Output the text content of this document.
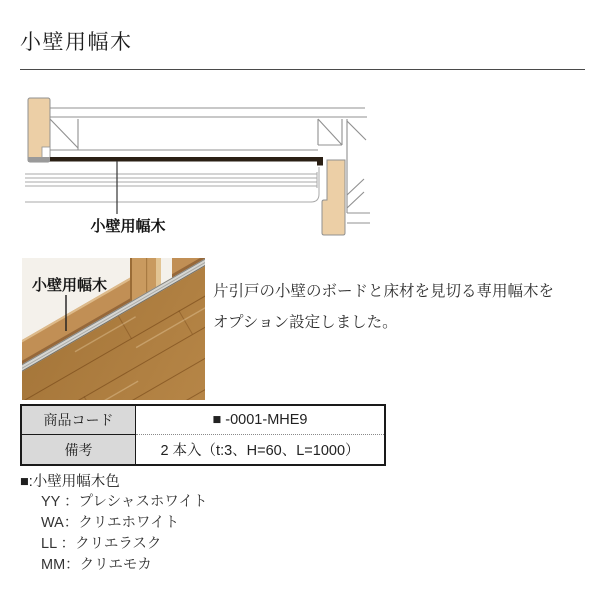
小壁用幅木
小壁用幅木
小壁用幅木	片引戸の小壁のボードと床材を見切る専用幅木を
オプション設定しました。
商品コード	■ -0001-MHE9
備考	2 本入（t:3、H=60、L=1000）
■:小壁用幅木色
YY ：プレシャスホワイト
WA：クリエホワイト
LL ：クリエラスク
MM：クリエモカ
